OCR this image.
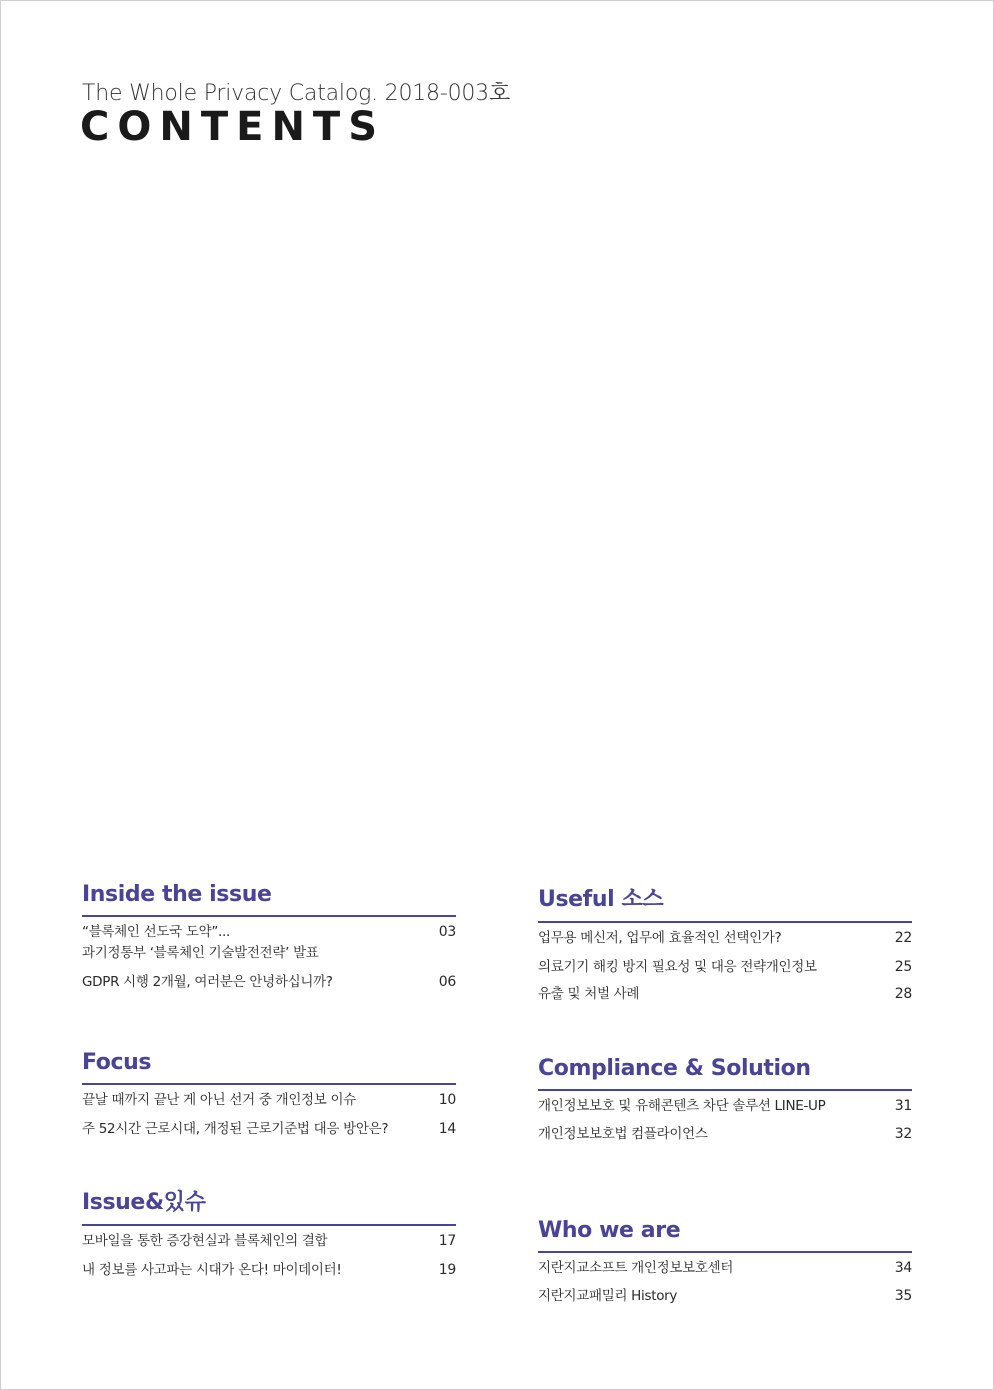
The Whole Privacy Catalog. 2018-003호
CONTENTS
Inside the issue
“블록체인 선도국 도약”...
과기정통부 ‘블록체인 기술발전전략’ 발표
03
GDPR 시행 2개월, 여러분은 안녕하십니까?	06
Focus
끝날 때까지 끝난 게 아닌 선거 중 개인정보 이슈	10
주 52시간 근로시대, 개정된 근로기준법 대응 방안은?	14
Issue&있슈
모바일을 통한 증강현실과 블록체인의 결합	17
내 정보를 사고파는 시대가 온다! 마이데이터!	19
Useful 소스
업무용 메신저, 업무에 효율적인 선택인가?	22
의료기기 해킹 방지 필요성 및 대응 전략개인정보	25
유출 및 처벌 사례	28
Compliance & Solution
개인정보보호 및 유해콘텐츠 차단 솔루션 LINE-UP	31
개인정보보호법 컴플라이언스	32
Who we are
지란지교소프트 개인정보보호센터	34
지란지교패밀리 History	35
